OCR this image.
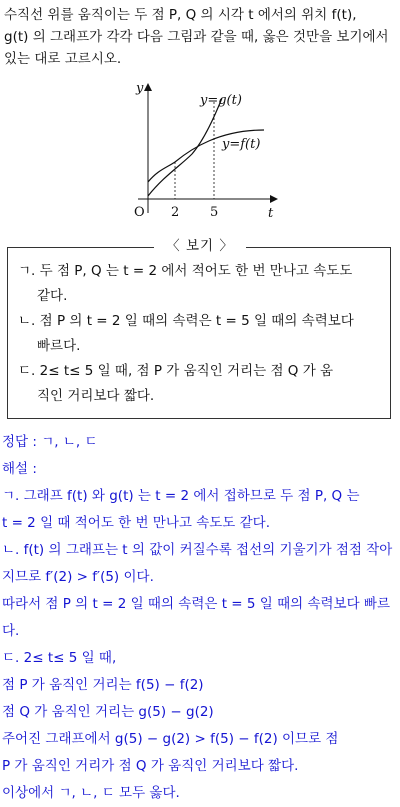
수직선 위를 움직이는 두 점 P, Q 의 시각 t 에서의 위치 f(t),

g(t) 의 그래프가 각각 다음 그림과 같을 때, 옳은 것만을 보기에서

있는 대로 고르시오.

y
t
O 2 5
y=g(t)
y=f(t)
〈 보기 〉

ㄱ. 두 점 P, Q 는 t = 2 에서 적어도 한 번 만나고 속도도

같다.

ㄴ. 점 P 의 t = 2 일 때의 속력은 t = 5 일 때의 속력보다

빠르다.

ㄷ. 2≤ t≤ 5 일 때, 점 P 가 움직인 거리는 점 Q 가 움

직인 거리보다 짧다.

정답 : ㄱ, ㄴ, ㄷ

해설 :

ㄱ. 그래프 f(t) 와 g(t) 는 t = 2 에서 접하므로 두 점 P, Q 는

t = 2 일 때 적어도 한 번 만나고 속도도 같다.

ㄴ. f(t) 의 그래프는 t 의 값이 커질수록 접선의 기울기가 점점 작아

지므로 f′(2) > f′(5) 이다.

따라서 점 P 의 t = 2 일 때의 속력은 t = 5 일 때의 속력보다 빠르

다.

ㄷ. 2≤ t≤ 5 일 때,

점 P 가 움직인 거리는 f(5) − f(2)

점 Q 가 움직인 거리는 g(5) − g(2)

주어진 그래프에서 g(5) − g(2) > f(5) − f(2) 이므로 점

P 가 움직인 거리가 점 Q 가 움직인 거리보다 짧다.

이상에서 ㄱ, ㄴ, ㄷ 모두 옳다.
